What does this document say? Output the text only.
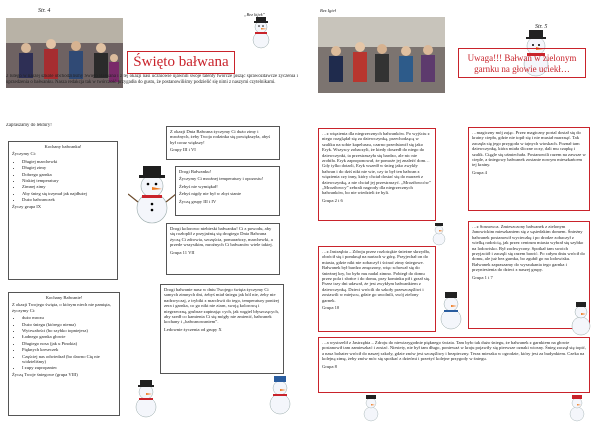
Str. 4
„Bez kijek”
Święto bałwana

2 lutego w naszej szkole obchodziliśmy Święto Bałwana i z tej okazji nasi uczniowie ujawnili swoje talenty twórcze pisząc sprawozdawcze życzenia i uprzedzenia o bałwanku. Nasza redakcja tak w twórczość przygadła do gustu, że postanowiliśmy podzielić się nimi z naszymi czytelnikami.

Zapraszamy do lektury!

Kochany bałwanku!

Życzymy Ci:

• Długiej marchewki
• Długiej zimy
• Dobrego garnka
• Niskiej temperatury
• Zimnej zimy
• Aby śnieg się trzymał jak najdłużej
• Dużo bałwanczek

Życzy grupa IX

Kochany Bałwanie!

Z okazji Twojego święta, o którym niech nie pamięta, życzymy Ci:

• dużo mrozu
• Dużo śniegu (którego niema)
• Wytrwałości (bo szybko topniejesz)
• Ładnego garnka głowie
• Długiego nosa (jak u Pinokia)
• Pięknych kreseczek
• Częściej nas odwiedzał (bo dawno Cię nie widzieliśmy)
• I zupy zupropaniec

Życzą Twoje śniegowe (grupa VIII)

Z okazji Dnia Bałwana życzymy Ci dużo zimy i mroźnych, żeby Twoja rodzinka się powiększyła, abyś był coraz większy!

Grupy III i VI

Drogi Bałwanku!

Życzymy Ci mroźnej temperatury i opozostu!

Żebyś nie wymiękał!

Żebyś nigdy nie był w zbyt stanie

Życzą grupy III i IV

Drogi kolorowo niebieski bałwanku! Ci z powodu, aby się rozłoplił z przyjaźnią się drogiego Dnia Bałwana życzą Ci zdrowia, szczęścia, pomarańczy, marchewki, a przede wszystkim, mroźnych Ci bałwanów wiele takiej.

Grupa 11 VII

Drogi bałwanie nasz w dniu Twojego święta życzymy Ci samych zimnych dni, żebyś miał śniegu jak ból nie, żeby nie nadzwyczaj, z trybiki z marchwii do tego, temperatury poniżej zera i garnka, co go nikt nie ziarn, swoją kolorową i niegrzeczną, grubsze zapinając cych, jak węgiel błyszczących, aby szedł co kamienia Ci się mógły nie zmienić, bałwanek kochany i „bałwanowaniem”.

Ledownie życzenia od grupy X

Bez Igieł
Str. 5
Uwaga!!! Bałwan w zielonym
garnku na głowie uciekł…

…z więzienia dla niegrzecznych bałwanków. Po wyjściu z niego rozglądał się za dziewczynką, przechodzącą w szaliku na sobie kapeluszu, czarno przedstawił się jako Eryk. Wszyscy zobaczyli, że kiedy doszedł do niego do dziewczynki, ta przestraszyła się bardzo, ale nic nie zrobiła. Eryk zaproponował, że pomoże jej znaleźć dom… Gdy tylko dotarli, Eryk wszedł w śnieg jako zwykły bałwan i do dziś nikt nie wie, czy to był ten bałwan z więzienia czy inny, który chciał dostać się do marzeń z dziewczynką, a nie chciał jej przestraszyć. „Mroziłowców” „Mroziłowcy” zebrali nagrody dla niegrzecznych bałwanków, bo nie wiedzieli że byli.

Grupa 2 i 6

…magiczny mój zając. Przez magiczny portal dostał się do krainy ciepła, gdzie nie topił się i nie musiał marznąć. Tak zaczęła się jego przygoda w tajnych wioskach. Poznał tam dziewczynkę, która miała śliczne oczy, dali mu czapkę i szalik. Ciągle się uśmiechała. Postanowili razem na zawsze w cieple, a śniegowy bałwanek zostanie nowym mieszkańcem tej krainy.

Grupa 4

…z Jastrzębia – Zdroju przez rozlotrąkie śnieżne skrzydła, obrócił się i pomknął na nartach w górę. Przyjechał on do miasta, gdzie nikt nie zobaczył i ścinać zimy śniegowe. Bałwanek był bardzo zmęczony, więc schował się do śnieżnej kry, bo było mu nadal zimno. Pobiegł do domu przez pola i słońce i do domu, przy kominku pił i grzał się. Przez trzy dni udawał, że jest zwykłym bałwankiem z dziewczynką. Dzieci wrócili do szkoły przeszczęśliwi i zostawili w miejscu, gdzie go uwolnili, swój zielony garnek.

Grupa 10

…z Sosnowca. Zmieszczony bałwanek z zielonym Janowickim mieszkaniem się z sąsiedzkim domem. Śnieżny bałwanek postanowił wycieczkę i po drodze zobaczył z wielką radością, jak przez centrum miasta wybrał się szybko na lodowisko. Był zachwycony. Spotkał tam swoich przyjaciół i zaczęli się razem bawić. Po całym dniu wrócił do domu, ale już bez garnka, bo zgubił go na lodowisku. Bałwanek zapraszamy do wyszukania tego garnka i przyniesienia do dzieci z naszej grupy.

Grupa 1 i 7

…a wystrzelił z Jastrzębia – Zdroju do niewiarygodnie pięknego świata. Tam było tak dużo śniegu, że bałwanek z garnkiem na głowie postanowił tam zamieszkać i zostać. Niestety, nie był tam długo, ponieważ w kraju pojawiły się pierwsze oznaki wiosny. Śnieg zaczął się topić, a nasz bohater wrócił do naszej szkoły, gdzie znów jest szczęśliwy i bezpieczny. Teraz mieszka w ogrodzie, który jest za budynkiem. Czeka na kolejną zimę, żeby znów móc się spotkać z dziećmi i przeżyć kolejne przygody w śniegu.

Grupa 8
